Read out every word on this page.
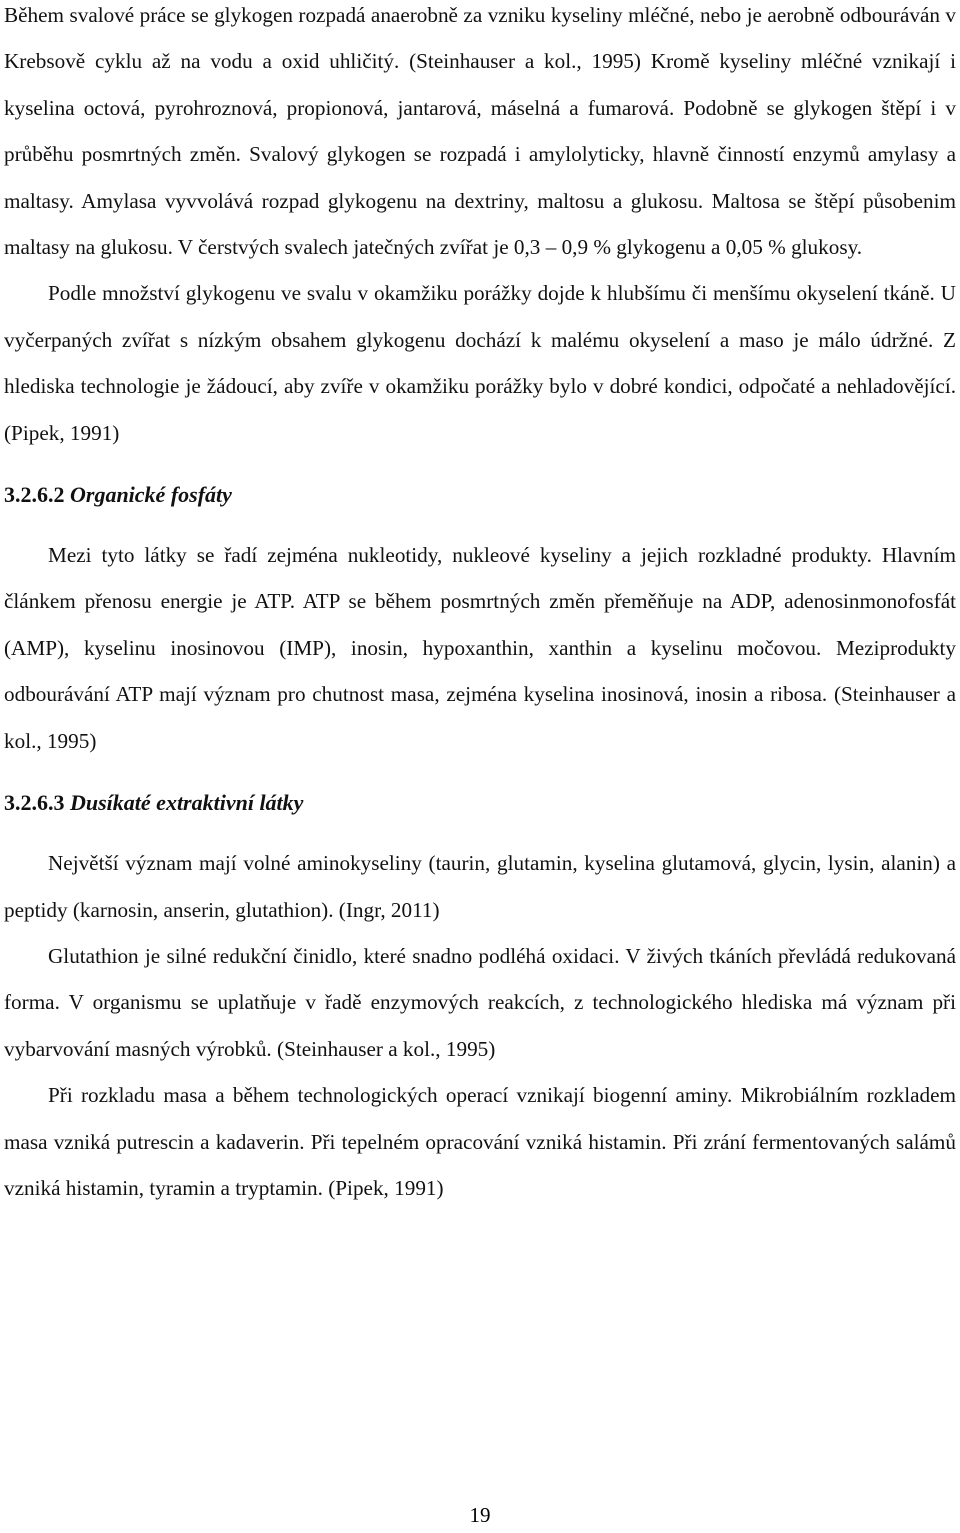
Během svalové práce se glykogen rozpadá anaerobně za vzniku kyseliny mléčné, nebo je aerobně odbouráván v Krebsově cyklu až na vodu a oxid uhličitý. (Steinhauser a kol., 1995) Kromě kyseliny mléčné vznikají i kyselina octová, pyrohroznová, propionová, jantarová, máselná a fumarová. Podobně se glykogen štěpí i v průběhu posmrtných změn. Svalový glykogen se rozpadá i amylolyticky, hlavně činností enzymů amylasy a maltasy. Amylasa vyvvolává rozpad glykogenu na dextriny, maltosu a glukosu. Maltosa se štěpí působenim maltasy na glukosu. V čerstvých svalech jatečných zvířat je 0,3 – 0,9 % glykogenu a 0,05 % glukosy.

Podle množství glykogenu ve svalu v okamžiku porážky dojde k hlubšímu či menšímu okyselení tkáně. U vyčerpaných zvířat s nízkým obsahem glykogenu dochází k malému okyselení a maso je málo údržné. Z hlediska technologie je žádoucí, aby zvíře v okamžiku porážky bylo v dobré kondici, odpočaté a nehladovějící. (Pipek, 1991)

3.2.6.2 Organické fosfáty

Mezi tyto látky se řadí zejména nukleotidy, nukleové kyseliny a jejich rozkladné produkty. Hlavním článkem přenosu energie je ATP. ATP se během posmrtných změn přeměňuje na ADP, adenosinmonofosfát (AMP), kyselinu inosinovou (IMP), inosin, hypoxanthin, xanthin a kyselinu močovou. Meziprodukty odbourávání ATP mají význam pro chutnost masa, zejména kyselina inosinová, inosin a ribosa. (Steinhauser a kol., 1995)

3.2.6.3 Dusíkaté extraktivní látky

Největší význam mají volné aminokyseliny (taurin, glutamin, kyselina glutamová, glycin, lysin, alanin) a peptidy (karnosin, anserin, glutathion). (Ingr, 2011)

Glutathion je silné redukční činidlo, které snadno podléhá oxidaci. V živých tkáních převládá redukovaná forma. V organismu se uplatňuje v řadě enzymových reakcích, z technologického hlediska má význam při vybarvování masných výrobků. (Steinhauser a kol., 1995)

Při rozkladu masa a během technologických operací vznikají biogenní aminy. Mikrobiálním rozkladem masa vzniká putrescin a kadaverin. Při tepelném opracování vzniká histamin. Při zrání fermentovaných salámů vzniká histamin, tyramin a tryptamin. (Pipek, 1991)

19
